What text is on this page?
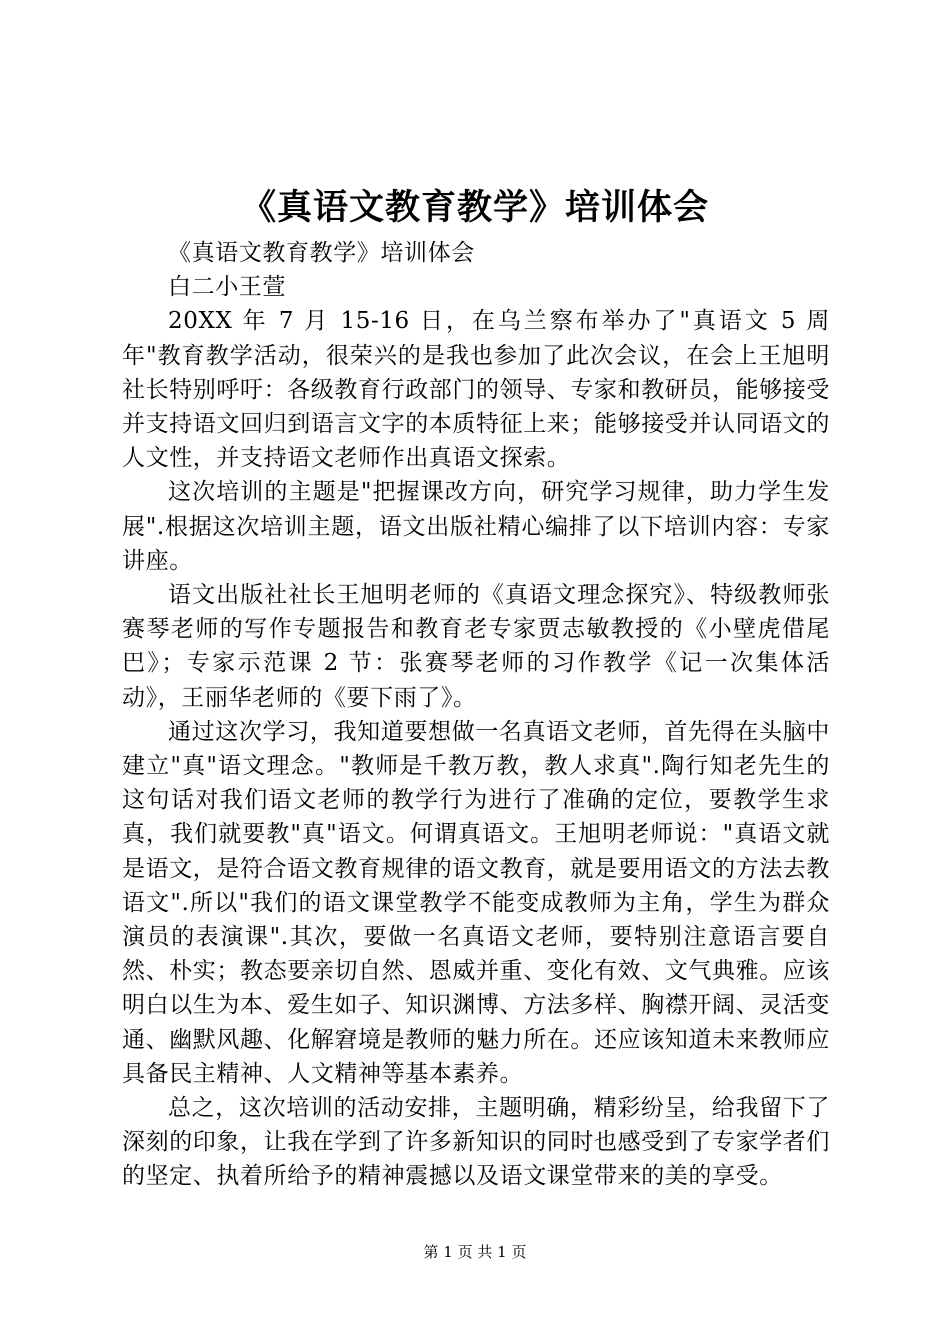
《真语文教育教学》培训体会

《真语文教育教学》培训体会

白二小王萱

20XX 年 7 月 15-16 日，在乌兰察布举办了"真语文 5 周年"教育教学活动，很荣兴的是我也参加了此次会议，在会上王旭明社长特别呼吁：各级教育行政部门的领导、专家和教研员，能够接受并支持语文回归到语言文字的本质特征上来；能够接受并认同语文的人文性，并支持语文老师作出真语文探索。

这次培训的主题是"把握课改方向，研究学习规律，助力学生发展".根据这次培训主题，语文出版社精心编排了以下培训内容：专家讲座。

语文出版社社长王旭明老师的《真语文理念探究》、特级教师张赛琴老师的写作专题报告和教育老专家贾志敏教授的《小壁虎借尾巴》；专家示范课 2 节：张赛琴老师的习作教学《记一次集体活动》，王丽华老师的《要下雨了》。

通过这次学习，我知道要想做一名真语文老师，首先得在头脑中建立"真"语文理念。"教师是千教万教，教人求真".陶行知老先生的这句话对我们语文老师的教学行为进行了准确的定位，要教学生求真，我们就要教"真"语文。何谓真语文。王旭明老师说："真语文就是语文，是符合语文教育规律的语文教育，就是要用语文的方法去教语文".所以"我们的语文课堂教学不能变成教师为主角，学生为群众演员的表演课".其次，要做一名真语文老师，要特别注意语言要自然、朴实；教态要亲切自然、恩威并重、变化有效、文气典雅。应该明白以生为本、爱生如子、知识渊博、方法多样、胸襟开阔、灵活变通、幽默风趣、化解窘境是教师的魅力所在。还应该知道未来教师应具备民主精神、人文精神等基本素养。

总之，这次培训的活动安排，主题明确，精彩纷呈，给我留下了深刻的印象，让我在学到了许多新知识的同时也感受到了专家学者们的坚定、执着所给予的精神震撼以及语文课堂带来的美的享受。

第 1 页 共 1 页
